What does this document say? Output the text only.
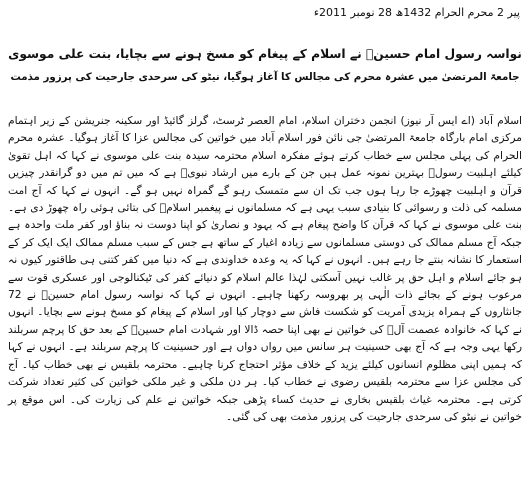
پیر 2 محرم الحرام 1432ھ 28 نومبر 2011ء
نواسہ رسول امام حسینؑ نے اسلام کے پیغام کو مسخ ہونے سے بچایا، بنت علی موسوی
جامعۃ المرتضیٰ میں عشرہ محرم کی مجالس کا آغاز ہوگیا، نیٹو کی سرحدی جارحیت کی پرزور مذمت
اسلام آباد (اے ایس آر نیوز) انجمن دختران اسلام، امام العصر ٹرسٹ، گرلز گائیڈ اور سکینہ جنریشن کے زیر اہتمام مرکزی امام بارگاہ جامعۃ المرتضیٰ جی نائن فور اسلام آباد میں خواتین کی مجالس عزا کا آغاز ہوگیا۔ عشرہ محرم الحرام کی پہلی مجلس سے خطاب کرتے ہوئے مفکرہ اسلام محترمہ سیدہ بنت علی موسوی نے کہا کہ اہل تقویٰ کیلئے اہلبیت رسولؐ بہترین نمونہ عمل ہیں جن کے بارے میں ارشاد نبویؐ ہے کہ میں تم میں دو گرانقدر چیزیں قرآن و اہلبیت چھوڑے جا رہا ہوں جب تک ان سے متمسک رہو گے گمراہ نہیں ہو گے۔ انہوں نے کہا کہ آج امت مسلمہ کی ذلت و رسوائی کا بنیادی سبب یہی ہے کہ مسلمانوں نے پیغمبر اسلامؐ کی بتائی ہوئی راہ چھوڑ دی ہے۔ بنت علی موسوی نے کہا کہ قرآن کا واضح پیغام ہے کہ یہود و نصاریٰ کو اپنا دوست نہ بناؤ اور کفر ملت واحدہ ہے جبکہ آج مسلم ممالک کی دوستی مسلمانوں سے زیادہ اغیار کے ساتھ ہے جس کے سبب مسلم ممالک ایک ایک کر کے استعمار کا نشانہ بنتے جا رہے ہیں۔ انہوں نے کہا کہ یہ وعدہ خداوندی ہے کہ دنیا میں کفر کتنی ہی طاقتور کیوں نہ ہو جائے اسلام و اہل حق پر غالب نہیں آسکتی لہٰذا عالم اسلام کو دنیائے کفر کی ٹیکنالوجی اور عسکری قوت سے مرعوب ہونے کے بجائے ذات الٰہی پر بھروسہ رکھنا چاہیے۔ انہوں نے کہا کہ نواسہ رسول امام حسینؑ نے 72 جانثاروں کے ہمراہ یزیدی آمریت کو شکست فاش سے دوچار کیا اور اسلام کے پیغام کو مسخ ہونے سے بچایا۔ انہوں نے کہا کہ خانوادہ عصمت آلؑ کی خواتین نے بھی اپنا حصہ ڈالا اور شہادت امام حسینؑ کے بعد حق کا پرچم سربلند رکھا یہی وجہ ہے کہ آج بھی حسینیت ہر سانس میں رواں دواں ہے اور حسینیت کا پرچم سربلند ہے۔ انہوں نے کہا کہ ہمیں اپنی مظلوم انسانوں کیلئے یزید کے خلاف مؤثر احتجاج کرنا چاہیے۔ محترمہ بلقیس نے بھی خطاب کیا۔ آج کی مجلس عزا سے محترمہ بلقیس رضوی نے خطاب کیا۔ ہر دن ملکی و غیر ملکی خواتین کی کثیر تعداد شرکت کرتی ہے۔ محترمہ غیاث بلقیس بخاری نے حدیث کساء پڑھی جبکہ خواتین نے علم کی زیارت کی۔ اس موقع پر خواتین نے نیٹو کی سرحدی جارحیت کی پرزور مذمت بھی کی گئی۔
